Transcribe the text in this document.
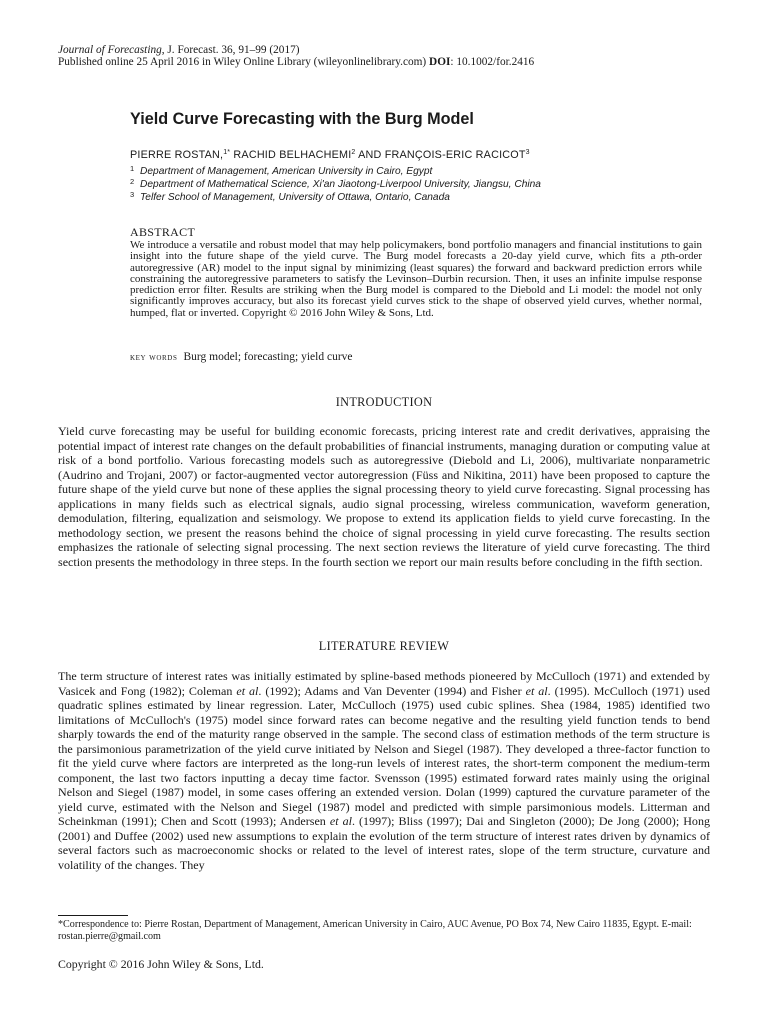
Journal of Forecasting, J. Forecast. 36, 91–99 (2017)
Published online 25 April 2016 in Wiley Online Library (wileyonlinelibrary.com) DOI: 10.1002/for.2416
Yield Curve Forecasting with the Burg Model
PIERRE ROSTAN,$^{1*}$ RACHID BELHACHEMI$^2$ AND FRANÇOIS-ERIC RACICOT$^3$
1 Department of Management, American University in Cairo, Egypt
2 Department of Mathematical Science, Xi'an Jiaotong-Liverpool University, Jiangsu, China
3 Telfer School of Management, University of Ottawa, Ontario, Canada
ABSTRACT

We introduce a versatile and robust model that may help policymakers, bond portfolio managers and financial institutions to gain insight into the future shape of the yield curve. The Burg model forecasts a 20-day yield curve, which fits a pth-order autoregressive (AR) model to the input signal by minimizing (least squares) the forward and backward prediction errors while constraining the autoregressive parameters to satisfy the Levinson–Durbin recursion. Then, it uses an infinite impulse response prediction error filter. Results are striking when the Burg model is compared to the Diebold and Li model: the model not only significantly improves accuracy, but also its forecast yield curves stick to the shape of observed yield curves, whether normal, humped, flat or inverted. Copyright © 2016 John Wiley & Sons, Ltd.

key words Burg model; forecasting; yield curve
INTRODUCTION

Yield curve forecasting may be useful for building economic forecasts, pricing interest rate and credit derivatives, appraising the potential impact of interest rate changes on the default probabilities of financial instruments, managing duration or computing value at risk of a bond portfolio. Various forecasting models such as autoregressive (Diebold and Li, 2006), multivariate nonparametric (Audrino and Trojani, 2007) or factor-augmented vector autoregression (Füss and Nikitina, 2011) have been proposed to capture the future shape of the yield curve but none of these applies the signal processing theory to yield curve forecasting. Signal processing has applications in many fields such as electrical signals, audio signal processing, wireless communication, waveform generation, demodulation, filtering, equalization and seismology. We propose to extend its application fields to yield curve forecasting. In the methodology section, we present the reasons behind the choice of signal processing in yield curve forecasting. The results section emphasizes the rationale of selecting signal processing. The next section reviews the literature of yield curve forecasting. The third section presents the methodology in three steps. In the fourth section we report our main results before concluding in the fifth section.

LITERATURE REVIEW

The term structure of interest rates was initially estimated by spline-based methods pioneered by McCulloch (1971) and extended by Vasicek and Fong (1982); Coleman et al. (1992); Adams and Van Deventer (1994) and Fisher et al. (1995). McCulloch (1971) used quadratic splines estimated by linear regression. Later, McCulloch (1975) used cubic splines. Shea (1984, 1985) identified two limitations of McCulloch's (1975) model since forward rates can become negative and the resulting yield function tends to bend sharply towards the end of the maturity range observed in the sample. The second class of estimation methods of the term structure is the parsimonious parametrization of the yield curve initiated by Nelson and Siegel (1987). They developed a three-factor function to fit the yield curve where factors are interpreted as the long-run levels of interest rates, the short-term component the medium-term component, the last two factors inputting a decay time factor. Svensson (1995) estimated forward rates mainly using the original Nelson and Siegel (1987) model, in some cases offering an extended version. Dolan (1999) captured the curvature parameter of the yield curve, estimated with the Nelson and Siegel (1987) model and predicted with simple parsimonious models. Litterman and Scheinkman (1991); Chen and Scott (1993); Andersen et al. (1997); Bliss (1997); Dai and Singleton (2000); De Jong (2000); Hong (2001) and Duffee (2002) used new assumptions to explain the evolution of the term structure of interest rates driven by dynamics of several factors such as macroeconomic shocks or related to the level of interest rates, slope of the term structure, curvature and volatility of the changes. They

*Correspondence to: Pierre Rostan, Department of Management, American University in Cairo, AUC Avenue, PO Box 74, New Cairo 11835, Egypt. E-mail: rostan.pierre@gmail.com

Copyright © 2016 John Wiley & Sons, Ltd.
